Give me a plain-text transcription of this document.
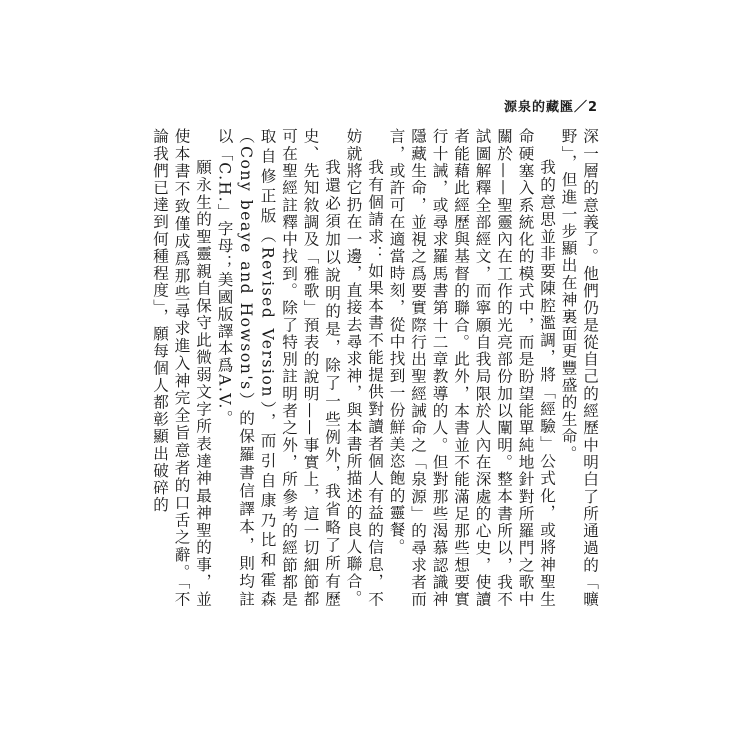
源泉的藏匯／2

深一層的意義了。他們仍是從自己的經歷中明白了所通過的「曠野」，但進一步顯出在神裏面更豐盛的生命。

我的意思並非要陳腔濫調，將「經驗」公式化，或將神聖生命硬塞入系統化的模式中，而是盼望能單純地針對所羅門之歌中關於——聖靈內在工作的光亮部份加以闡明。整本書所以，我不試圖解釋全部經文，而寧願自我局限於人內在深處的心史，使讀者能藉此經歷與基督的聯合。此外，本書並不能滿足那些想要實行十誡，或尋求羅馬書第十二章教導的人。但對那些渴慕認識神隱藏生命，並視之爲要實際行出聖經誡命之「泉源」的尋求者而言，或許可在適當時刻，從中找到一份鮮美恣飽的靈餐。

我有個請求：如果本書不能提供對讀者個人有益的信息，不妨就將它扔在一邊，直接去尋求神，與本書所描述的良人聯合。

我還必須加以說明的是，除了一些例外，我省略了所有歷史、先知敘調及「雅歌」預表的說明——事實上，這一切細節都可在聖經註釋中找到。除了特別註明者之外，所參考的經節都是取自修正版（Revised Version），而引自康乃比和霍森（Cony beaye and Howson's）的保羅書信譯本，則均註以「C.H.」字母；美國版譯本爲A.V.。

願永生的聖靈親自保守此微弱文字所表達神最神聖的事，並使本書不致僅成爲那些尋求進入神完全旨意者的口舌之辭。「不論我們已達到何種程度」，願每個人都彰顯出破碎的
